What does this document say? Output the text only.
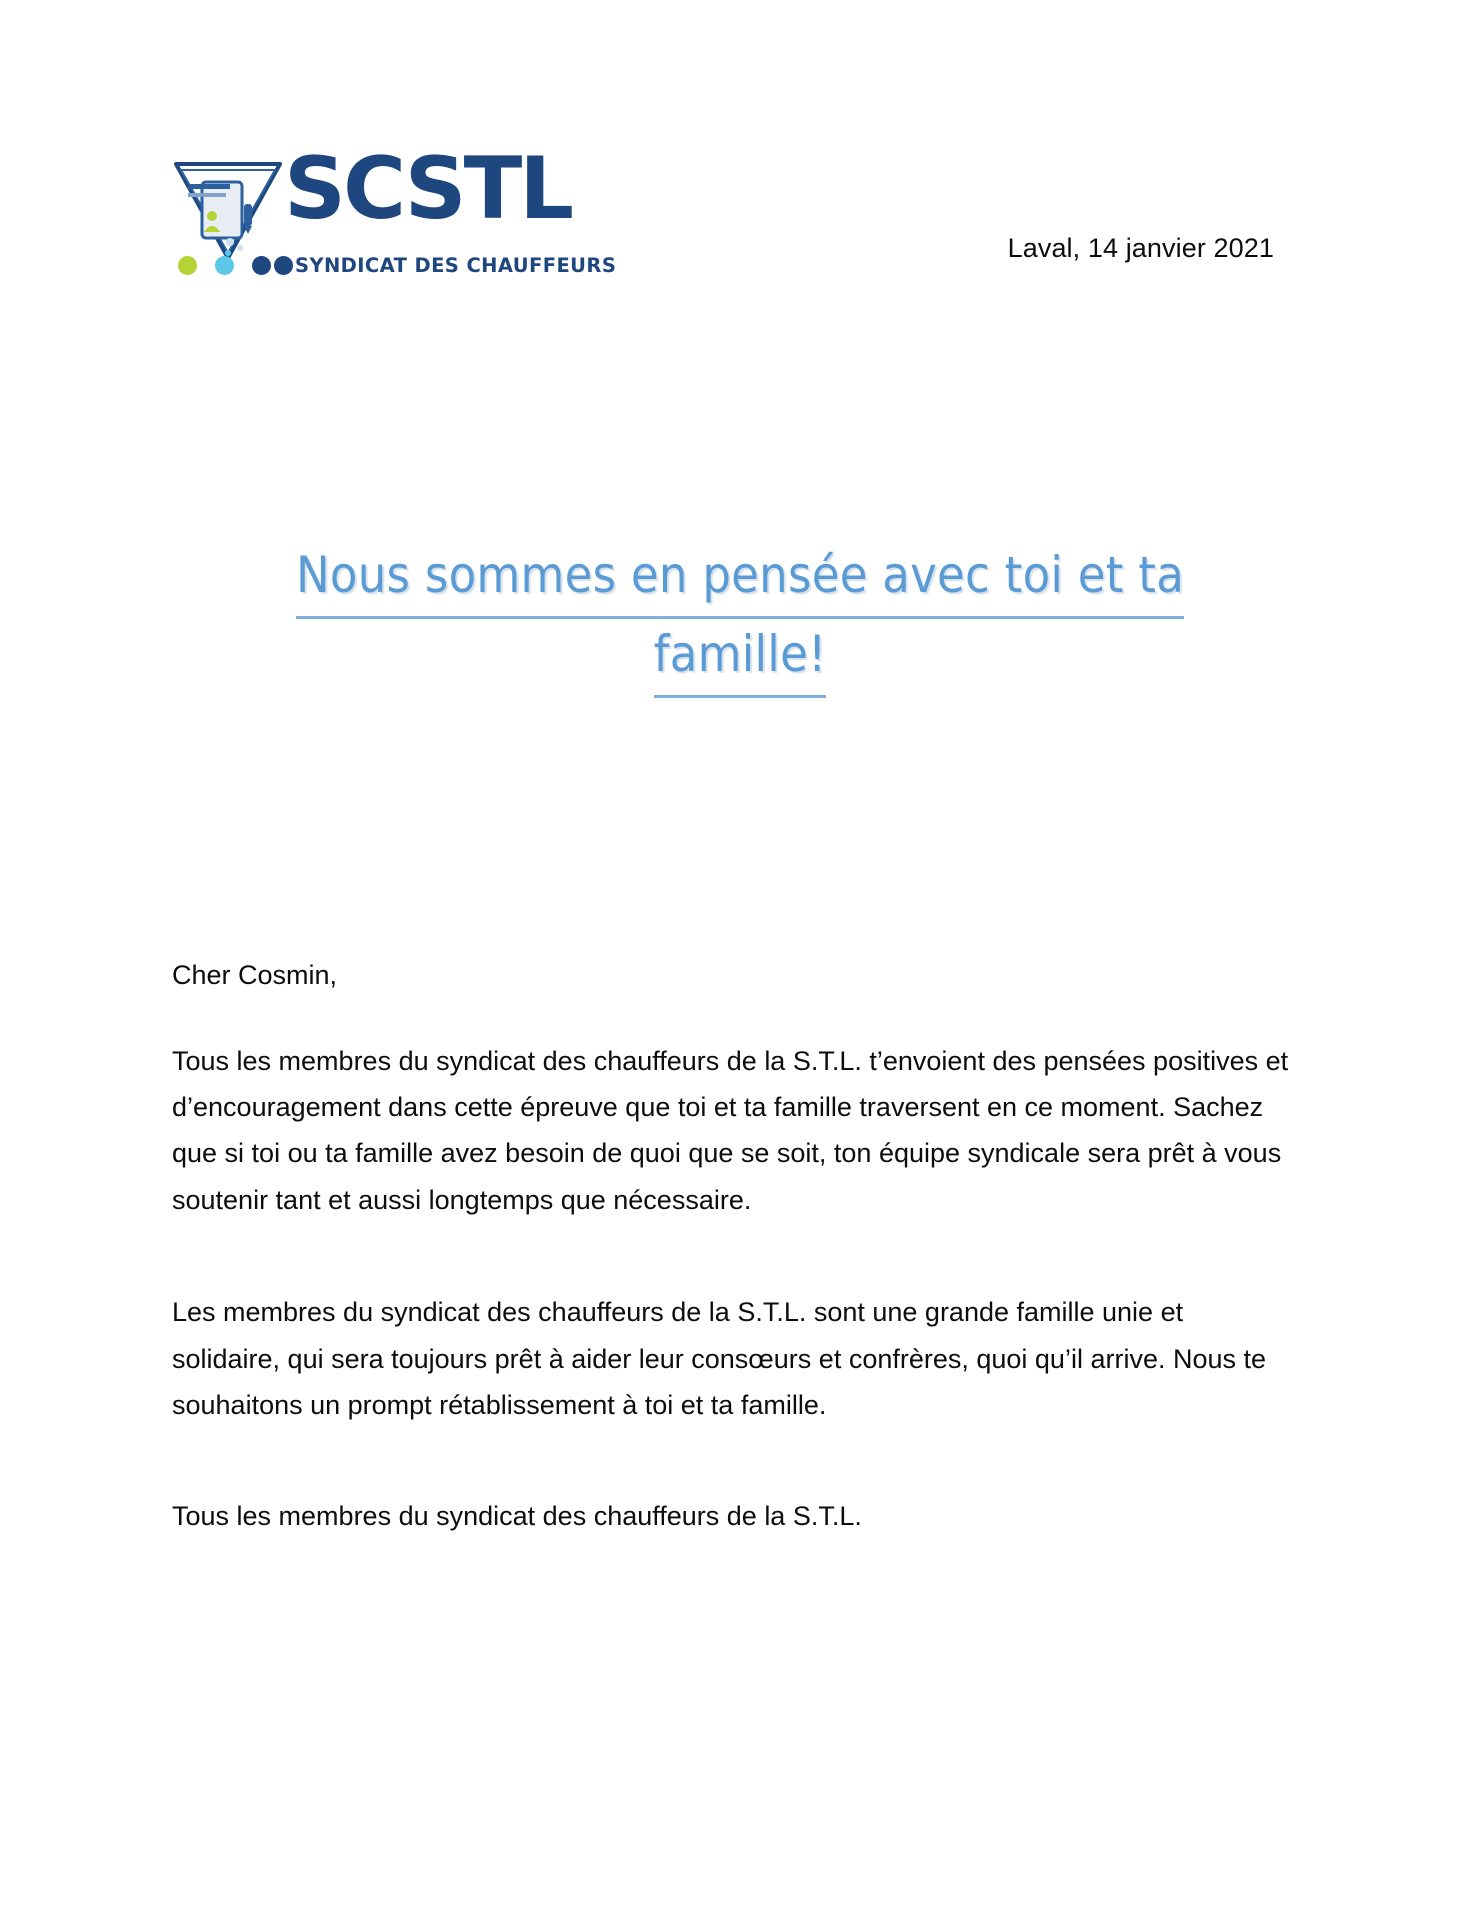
SCSTL
SYNDICAT DES CHAUFFEURS
Laval, 14 janvier 2021
Nous sommes en pensée avec toi et ta
famille!

Cher Cosmin,

Tous les membres du syndicat des chauffeurs de la S.T.L. t’envoient des pensées positives et d’encouragement dans cette épreuve que toi et ta famille traversent en ce moment. Sachez que si toi ou ta famille avez besoin de quoi que se soit, ton équipe syndicale sera prêt à vous soutenir tant et aussi longtemps que nécessaire.

Les membres du syndicat des chauffeurs de la S.T.L. sont une grande famille unie et solidaire, qui sera toujours prêt à aider leur consœurs et confrères, quoi qu’il arrive. Nous te souhaitons un prompt rétablissement à toi et ta famille.

Tous les membres du syndicat des chauffeurs de la S.T.L.
